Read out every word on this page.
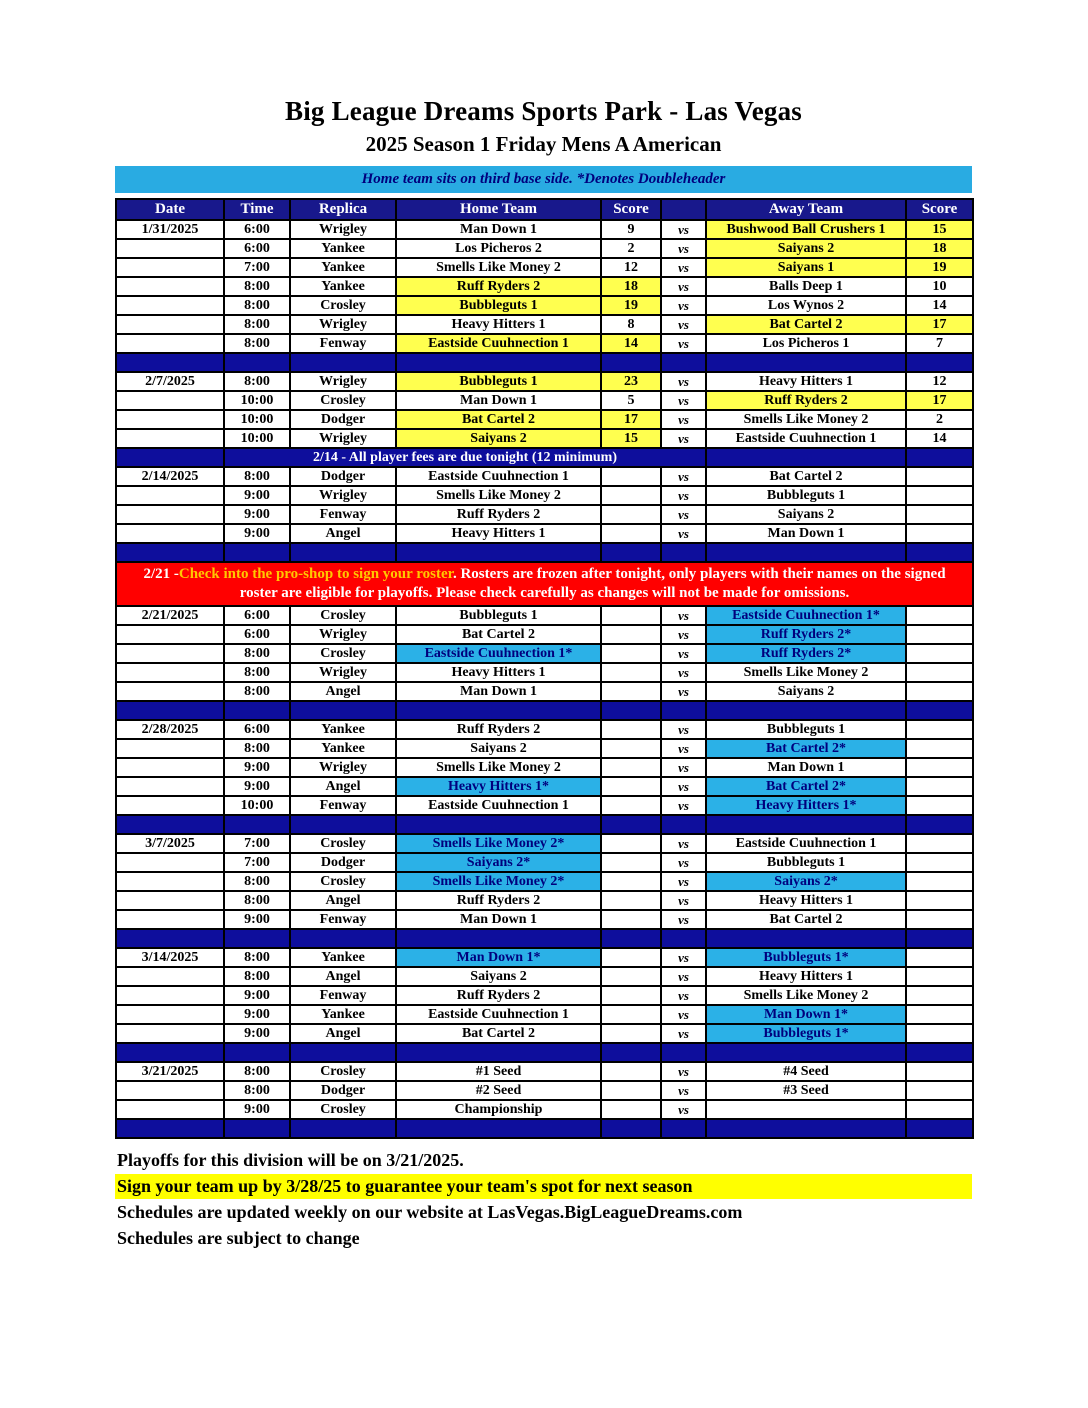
Big League Dreams Sports Park - Las Vegas
2025 Season 1 Friday Mens A American
Home team sits on third base side. *Denotes Doubleheader
Date	Time	Replica	Home Team	Score		Away Team	Score
1/31/2025	6:00	Wrigley	Man Down 1	9	vs	Bushwood Ball Crushers 1	15
	6:00	Yankee	Los Picheros 2	2	vs	Saiyans 2	18
	7:00	Yankee	Smells Like Money 2	12	vs	Saiyans 1	19
	8:00	Yankee	Ruff Ryders 2	18	vs	Balls Deep 1	10
	8:00	Crosley	Bubbleguts 1	19	vs	Los Wynos 2	14
	8:00	Wrigley	Heavy Hitters 1	8	vs	Bat Cartel 2	17
	8:00	Fenway	Eastside Cuuhnection 1	14	vs	Los Picheros 1	7

2/7/2025	8:00	Wrigley	Bubbleguts 1	23	vs	Heavy Hitters 1	12
	10:00	Crosley	Man Down 1	5	vs	Ruff Ryders 2	17
	10:00	Dodger	Bat Cartel 2	17	vs	Smells Like Money 2	2
	10:00	Wrigley	Saiyans 2	15	vs	Eastside Cuuhnection 1	14
	2/14 - All player fees are due tonight (12 minimum)						
2/14/2025	8:00	Dodger	Eastside Cuuhnection 1		vs	Bat Cartel 2	
	9:00	Wrigley	Smells Like Money 2		vs	Bubbleguts 1	
	9:00	Fenway	Ruff Ryders 2		vs	Saiyans 2	
	9:00	Angel	Heavy Hitters 1		vs	Man Down 1	

2/21 -Check into the pro-shop to sign your roster. Rosters are frozen after tonight, only players with their names on the signed roster are eligible for playoffs. Please check carefully as changes will not be made for omissions.							
2/21/2025	6:00	Crosley	Bubbleguts 1		vs	Eastside Cuuhnection 1*	
	6:00	Wrigley	Bat Cartel 2		vs	Ruff Ryders 2*	
	8:00	Crosley	Eastside Cuuhnection 1*		vs	Ruff Ryders 2*	
	8:00	Wrigley	Heavy Hitters 1		vs	Smells Like Money 2	
	8:00	Angel	Man Down 1		vs	Saiyans 2	

2/28/2025	6:00	Yankee	Ruff Ryders 2		vs	Bubbleguts 1	
	8:00	Yankee	Saiyans 2		vs	Bat Cartel 2*	
	9:00	Wrigley	Smells Like Money 2		vs	Man Down 1	
	9:00	Angel	Heavy Hitters 1*		vs	Bat Cartel 2*	
	10:00	Fenway	Eastside Cuuhnection 1		vs	Heavy Hitters 1*	

3/7/2025	7:00	Crosley	Smells Like Money 2*		vs	Eastside Cuuhnection 1	
	7:00	Dodger	Saiyans 2*		vs	Bubbleguts 1	
	8:00	Crosley	Smells Like Money 2*		vs	Saiyans 2*	
	8:00	Angel	Ruff Ryders 2		vs	Heavy Hitters 1	
	9:00	Fenway	Man Down 1		vs	Bat Cartel 2	

3/14/2025	8:00	Yankee	Man Down 1*		vs	Bubbleguts 1*	
	8:00	Angel	Saiyans 2		vs	Heavy Hitters 1	
	9:00	Fenway	Ruff Ryders 2		vs	Smells Like Money 2	
	9:00	Yankee	Eastside Cuuhnection 1		vs	Man Down 1*	
	9:00	Angel	Bat Cartel 2		vs	Bubbleguts 1*	

3/21/2025	8:00	Crosley	#1 Seed		vs	#4 Seed	
	8:00	Dodger	#2 Seed		vs	#3 Seed	
	9:00	Crosley	Championship		vs		

Playoffs for this division will be on 3/21/2025.
Sign your team up by 3/28/25 to guarantee your team's spot for next season
Schedules are updated weekly on our website at LasVegas.BigLeagueDreams.com
Schedules are subject to change
